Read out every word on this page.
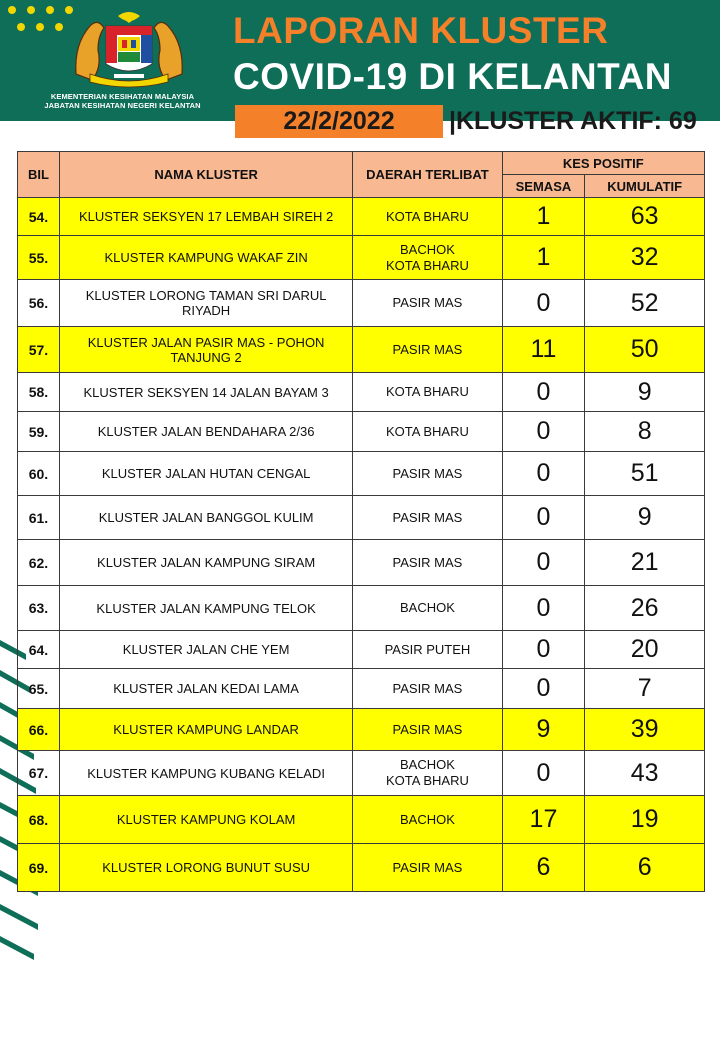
KEMENTERIAN KESIHATAN MALAYSIA
JABATAN KESIHATAN NEGERI KELANTAN
LAPORAN KLUSTER
COVID-19 DI KELANTAN
22/2/2022	|KLUSTER AKTIF: 69
BIL	NAMA KLUSTER	DAERAH TERLIBAT	KES POSITIF	
			SEMASA	KUMULATIF
54.	KLUSTER SEKSYEN 17 LEMBAH SIREH 2	KOTA BHARU	1	63
55.	KLUSTER KAMPUNG WAKAF ZIN	BACHOK
KOTA BHARU	1	32
56.	KLUSTER LORONG TAMAN SRI DARUL RIYADH	PASIR MAS	0	52
57.	KLUSTER JALAN PASIR MAS - POHON TANJUNG 2	PASIR MAS	11	50
58.	KLUSTER SEKSYEN 14 JALAN BAYAM 3	KOTA BHARU	0	9
59.	KLUSTER JALAN BENDAHARA 2/36	KOTA BHARU	0	8
60.	KLUSTER JALAN HUTAN CENGAL	PASIR MAS	0	51
61.	KLUSTER JALAN BANGGOL KULIM	PASIR MAS	0	9
62.	KLUSTER JALAN KAMPUNG SIRAM	PASIR MAS	0	21
63.	KLUSTER JALAN KAMPUNG TELOK	BACHOK	0	26
64.	KLUSTER JALAN CHE YEM	PASIR PUTEH	0	20
65.	KLUSTER JALAN KEDAI LAMA	PASIR MAS	0	7
66.	KLUSTER KAMPUNG LANDAR	PASIR MAS	9	39
67.	KLUSTER KAMPUNG KUBANG KELADI	BACHOK
KOTA BHARU	0	43
68.	KLUSTER KAMPUNG KOLAM	BACHOK	17	19
69.	KLUSTER LORONG BUNUT SUSU	PASIR MAS	6	6
